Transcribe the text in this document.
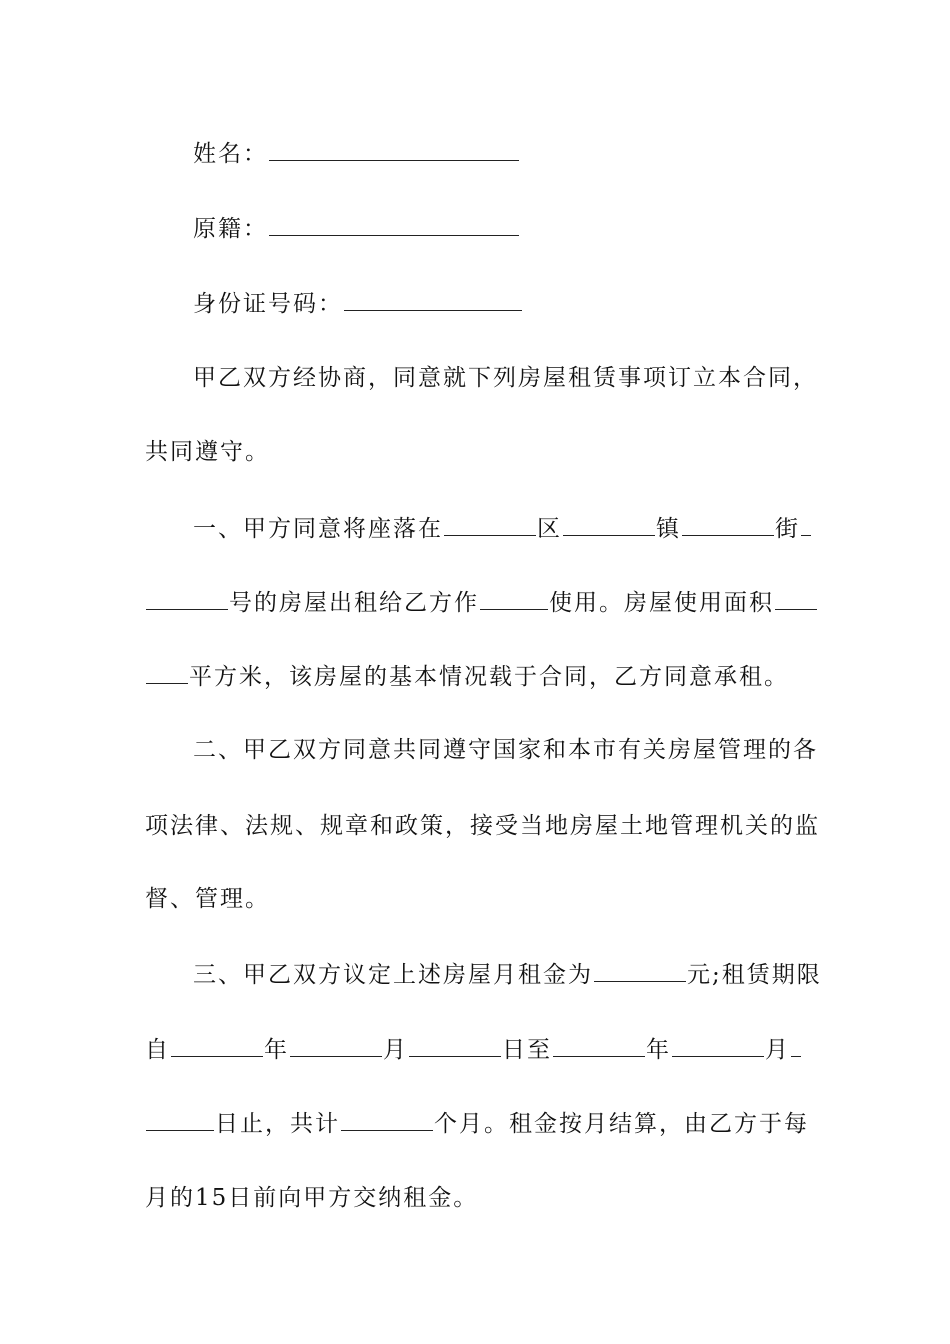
姓名：
原籍：
身份证号码：
甲乙双方经协商，同意就下列房屋租赁事项订立本合同，
共同遵守。
一、甲方同意将座落在	区	镇	街
号的房屋出租给乙方作	使用。房屋使用面积
平方米，该房屋的基本情况载于合同，乙方同意承租。
二、甲乙双方同意共同遵守国家和本市有关房屋管理的各
项法律、法规、规章和政策，接受当地房屋土地管理机关的监
督、管理。
三、甲乙双方议定上述房屋月租金为	元;租赁期限
自	年	月	日至	年	月
日止，共计	个月。租金按月结算，由乙方于每
月的15日前向甲方交纳租金。
